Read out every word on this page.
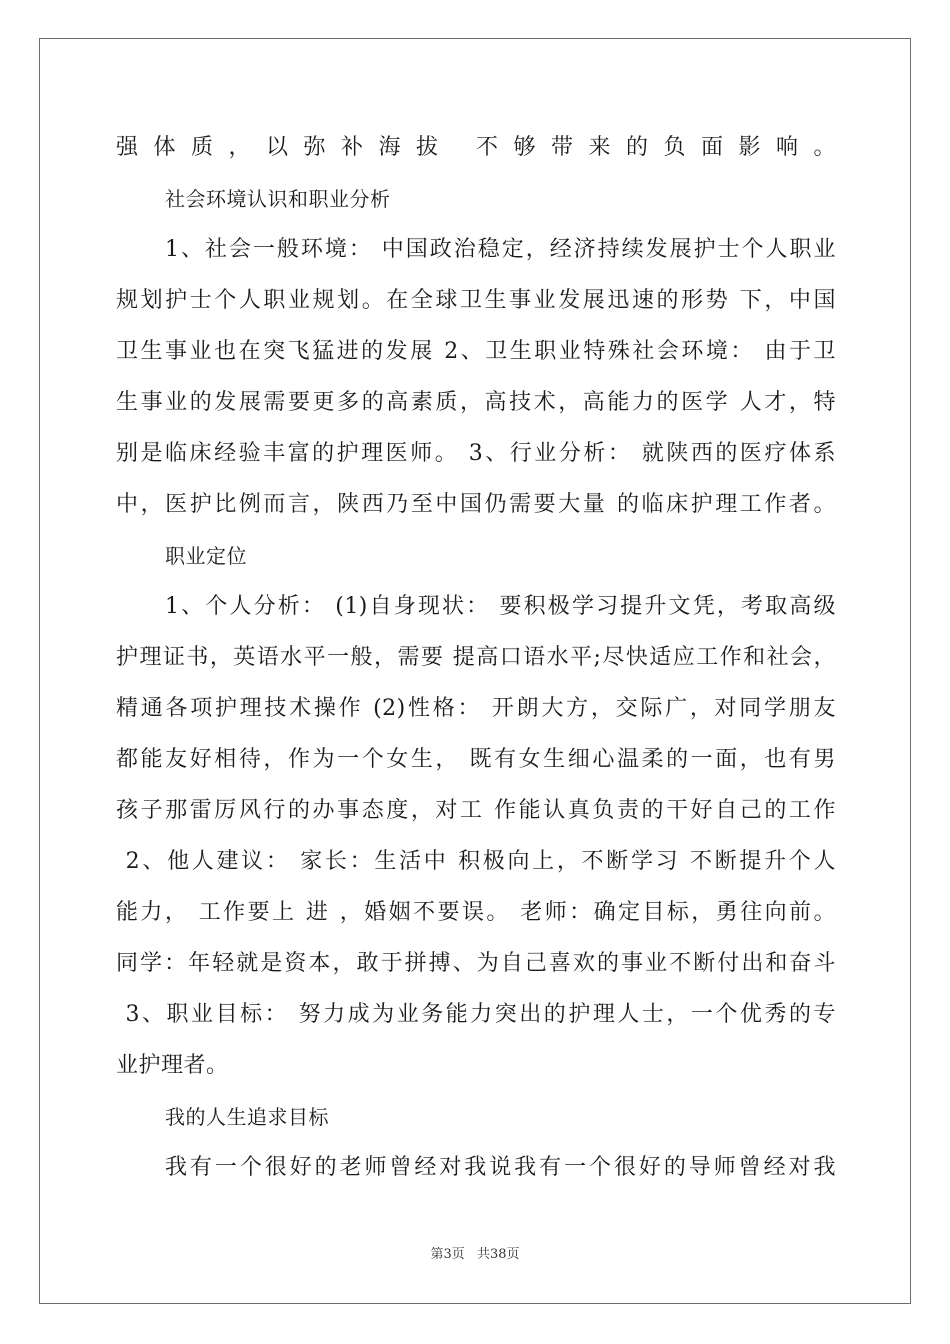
强体质，以弥补海拔 不够带来的负面影响。
社会环境认识和职业分析
1、社会一般环境： 中国政治稳定，经济持续发展护士个人职业
规划护士个人职业规划。在全球卫生事业发展迅速的形势 下，中国
卫生事业也在突飞猛进的发展 2、卫生职业特殊社会环境： 由于卫
生事业的发展需要更多的高素质，高技术，高能力的医学 人才，特
别是临床经验丰富的护理医师。 3、行业分析： 就陕西的医疗体系
中，医护比例而言，陕西乃至中国仍需要大量 的临床护理工作者。
职业定位
1、个人分析： (1)自身现状： 要积极学习提升文凭，考取高级
护理证书，英语水平一般，需要 提高口语水平;尽快适应工作和社会，
精通各项护理技术操作 (2)性格： 开朗大方，交际广，对同学朋友
都能友好相待，作为一个女生， 既有女生细心温柔的一面，也有男
孩子那雷厉风行的办事态度，对工 作能认真负责的干好自己的工作
2、他人建议： 家长：生活中 积极向上，不断学习 不断提升个人
能力， 工作要上 进 ，婚姻不要误。 老师：确定目标，勇往向前。
同学：年轻就是资本，敢于拼搏、为自己喜欢的事业不断付出和奋斗
3、职业目标： 努力成为业务能力突出的护理人士，一个优秀的专
业护理者。
我的人生追求目标
我有一个很好的老师曾经对我说我有一个很好的导师曾经对我
第3页 共38页
